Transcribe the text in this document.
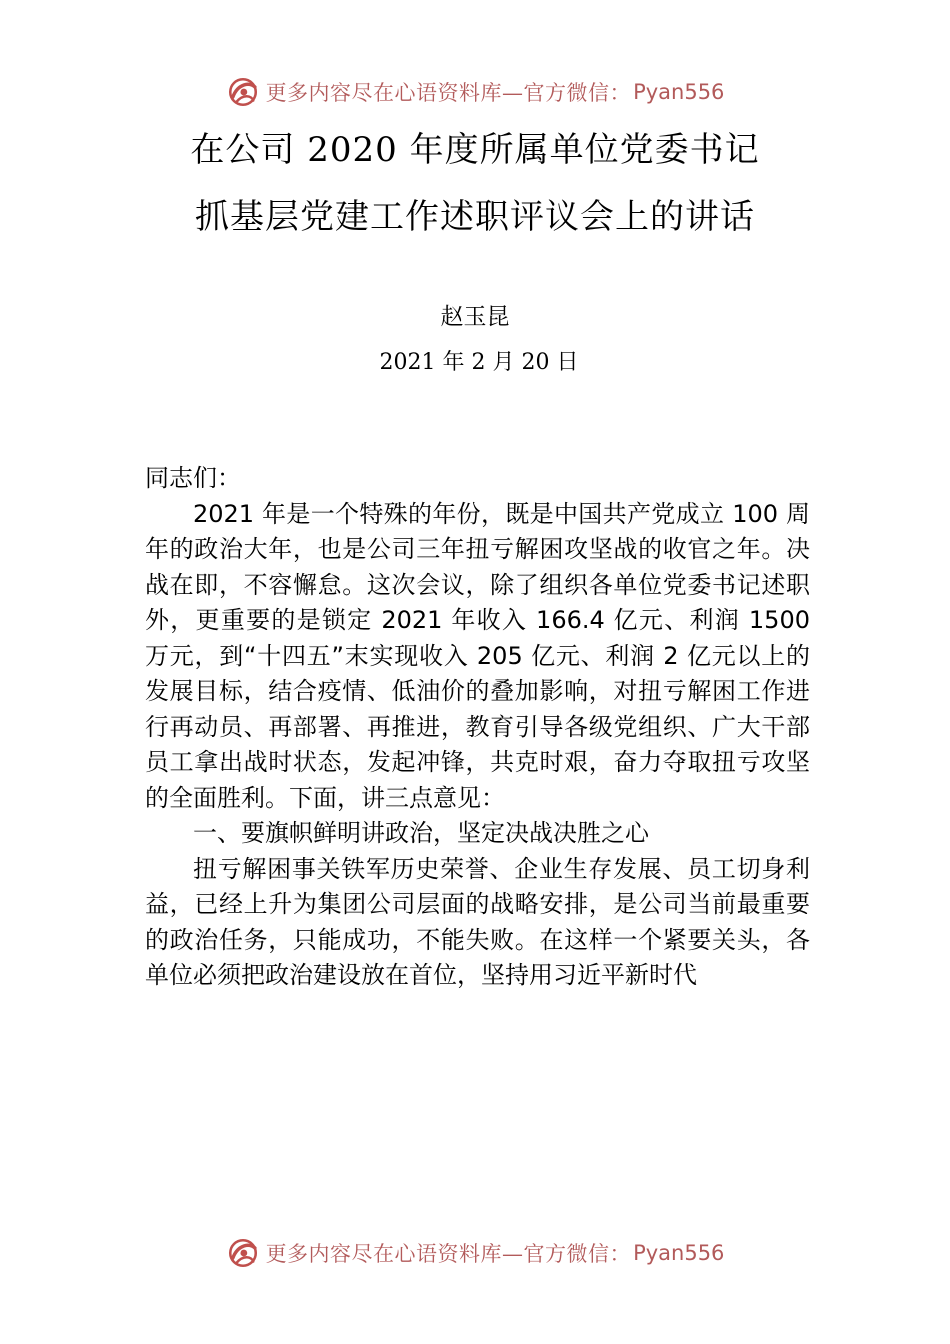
更多内容尽在心语资料库—官方微信： Pyan556
在公司 2020 年度所属单位党委书记
抓基层党建工作述职评议会上的讲话
赵玉昆
2021 年 2 月 20 日

同志们：

2021 年是一个特殊的年份，既是中国共产党成立 100 周年的政治大年，也是公司三年扭亏解困攻坚战的收官之年。决战在即，不容懈怠。这次会议，除了组织各单位党委书记述职外，更重要的是锁定 2021 年收入 166.4 亿元、利润 1500 万元，到“十四五”末实现收入 205 亿元、利润 2 亿元以上的发展目标，结合疫情、低油价的叠加影响，对扭亏解困工作进行再动员、再部署、再推进，教育引导各级党组织、广大干部员工拿出战时状态，发起冲锋，共克时艰，奋力夺取扭亏攻坚的全面胜利。下面，讲三点意见：

一、要旗帜鲜明讲政治，坚定决战决胜之心

扭亏解困事关铁军历史荣誉、企业生存发展、员工切身利益，已经上升为集团公司层面的战略安排，是公司当前最重要的政治任务，只能成功，不能失败。在这样一个紧要关头，各单位必须把政治建设放在首位，坚持用习近平新时代

更多内容尽在心语资料库—官方微信： Pyan556
